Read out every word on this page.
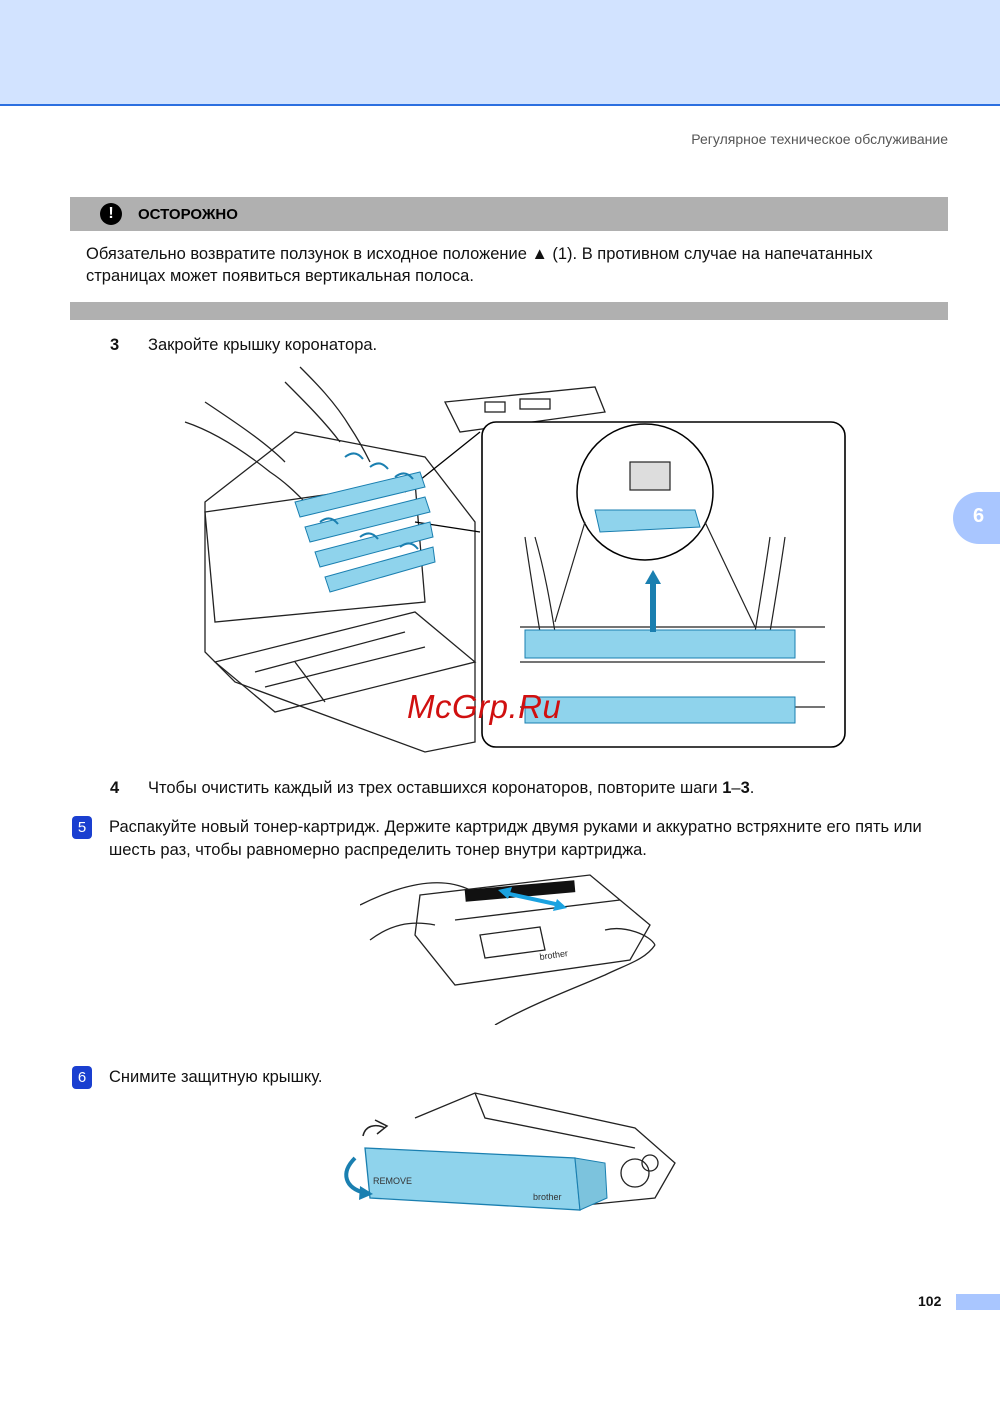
Регулярное техническое обслуживание
6
!	ОСТОРОЖНО
Обязательно возвратите ползунок в исходное положение ▲ (1). В противном случае на напечатанных страницах может появиться вертикальная полоса.
3 Закройте крышку коронатора.
McGrp.Ru
4 Чтобы очистить каждый из трех оставшихся коронаторов, повторите шаги 1–3.
5	Распакуйте новый тонер-картридж. Держите картридж двумя руками и аккуратно встряхните его пять или шесть раз, чтобы равномерно распределить тонер внутри картриджа.
brother
6	Снимите защитную крышку.
REMOVE
brother
102
